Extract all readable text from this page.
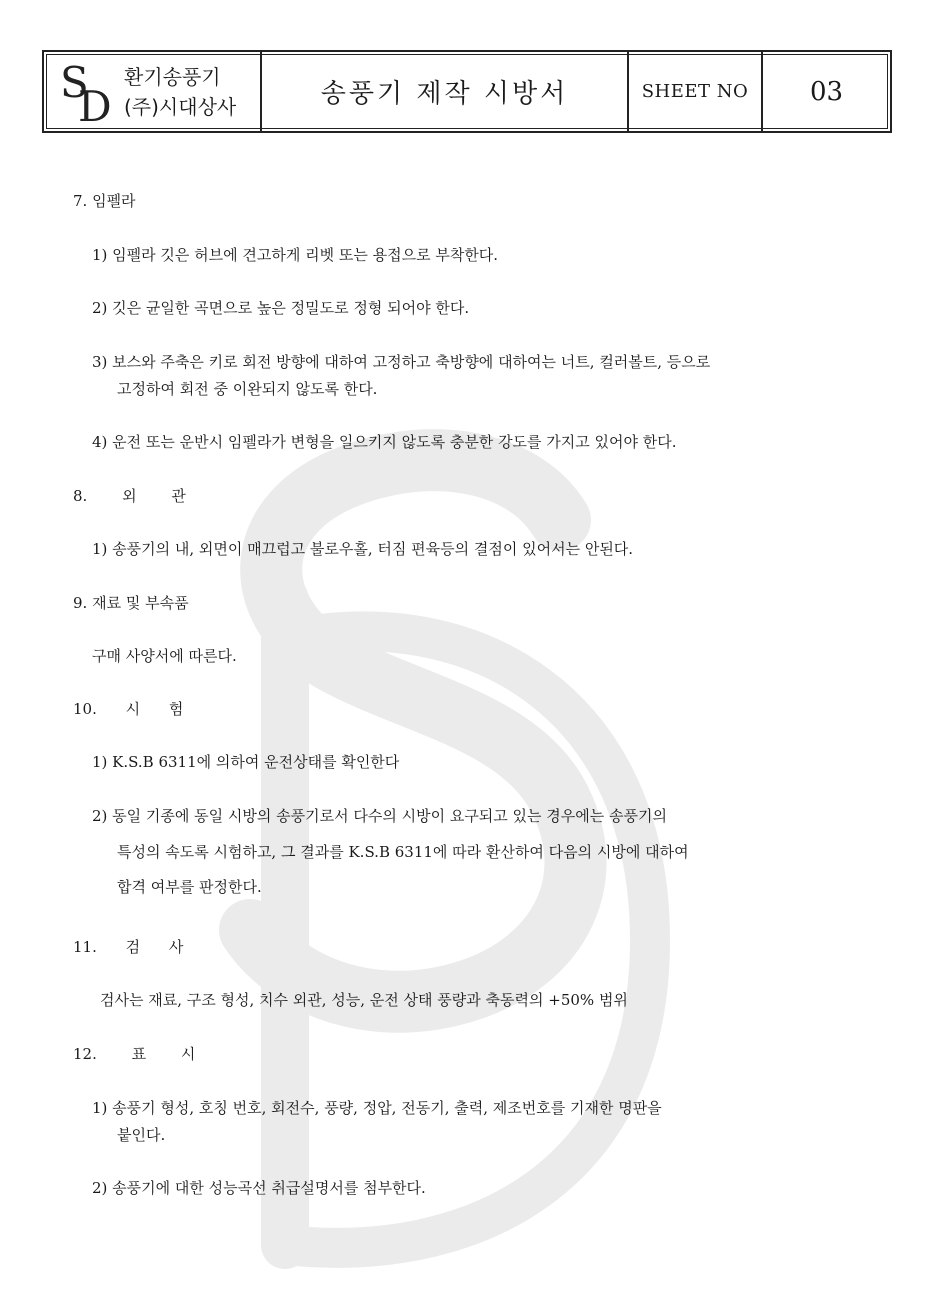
S
D
환기송풍기
(주)시대상사	송풍기 제작 시방서	SHEET NO	03
7. 임펠라
1) 임펠라 깃은 허브에 견고하게 리벳 또는 용접으로 부착한다.
2) 깃은 균일한 곡면으로 높은 정밀도로 정형 되어야 한다.
3) 보스와 주축은 키로 회전 방향에 대하여 고정하고 축방향에 대하여는 너트, 컬러볼트, 등으로
고정하여 회전 중 이완되지 않도록 한다.
4) 운전 또는 운반시 임펠라가 변형을 일으키지 않도록 충분한 강도를 가지고 있어야 한다.
8. 외 관
1) 송풍기의 내, 외면이 매끄럽고 불로우홀, 터짐 편육등의 결점이 있어서는 안된다.
9. 재료 및 부속품
구매 사양서에 따른다.
10. 시 험
1) K.S.B 6311에 의하여 운전상태를 확인한다
2) 동일 기종에 동일 시방의 송풍기로서 다수의 시방이 요구되고 있는 경우에는 송풍기의
특성의 속도록 시험하고, 그 결과를 K.S.B 6311에 따라 환산하여 다음의 시방에 대하여
합격 여부를 판정한다.
11. 검 사
검사는 재료, 구조 형성, 치수 외관, 성능, 운전 상태 풍량과 축동력의 +50% 범위
12. 표 시
1) 송풍기 형성, 호칭 번호, 회전수, 풍량, 정압, 전동기, 출력, 제조번호를 기재한 명판을
붙인다.
2) 송풍기에 대한 성능곡선 취급설명서를 첨부한다.
